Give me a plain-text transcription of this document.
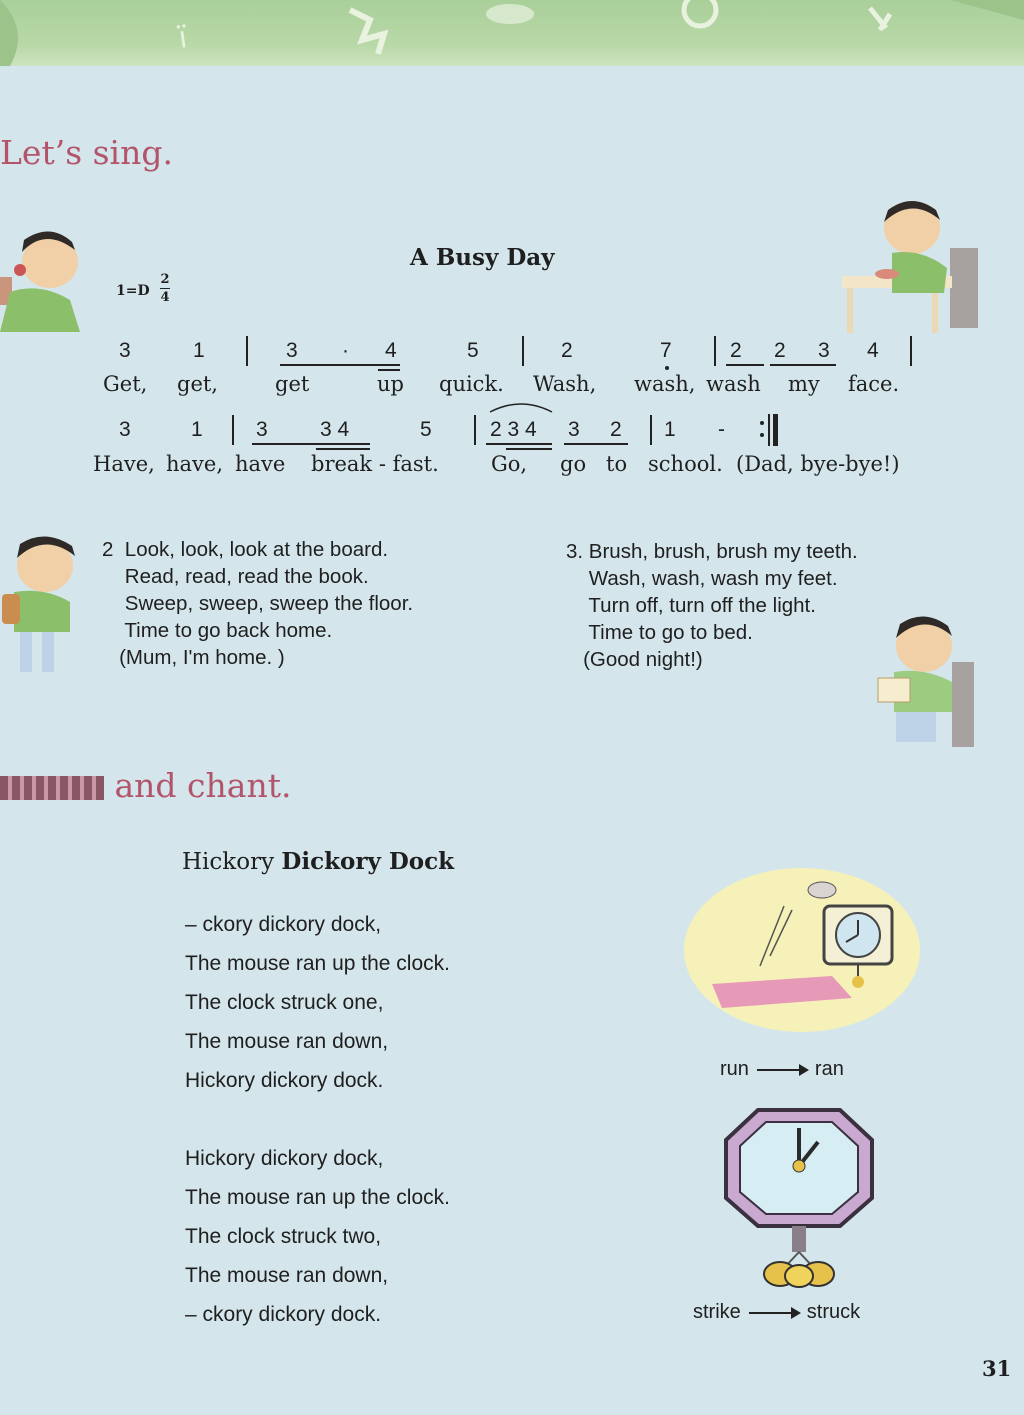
ï
Let’s sing.
A Busy Day
1=D
2
4
3	1	3 · 4	5	2	7	2 2 3 4
Get, get,	get	up quick. Wash, wash, wash my face.
3	1	3 3 4	5	2 3 4 3 2 1 -
Have, have, have break - fast. Go, go to school. (Dad, bye-bye!)
2  Look, look, look at the board.
Read, read, read the book.
Sweep, sweep, sweep the floor.
Time to go back home.
(Mum, I'm home. )
3. Brush, brush, brush my teeth.
Wash, wash, wash my feet.
Turn off, turn off the light.
Time to go to bed.
(Good night!)
and chant.
Hickory Dickory Dock
– ckory dickory dock,
The mouse ran up the clock.
The clock struck one,
The mouse ran down,
Hickory dickory dock.
Hickory dickory dock,
The mouse ran up the clock.
The clock struck two,
The mouse ran down,
– ckory dickory dock.
run	ran
strike	struck
31
